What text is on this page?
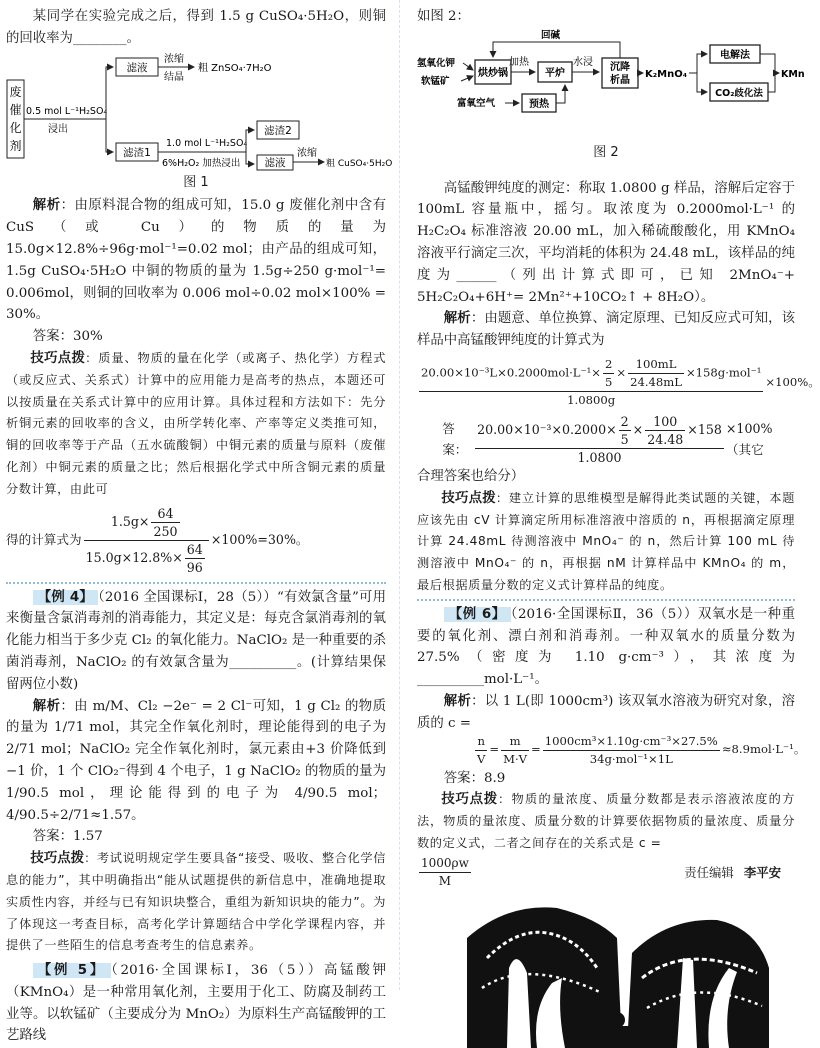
某同学在实验完成之后，得到 1.5 g CuSO₄·5H₂O，则铜的回收率为________。

废
催
化
剂
0.5 mol L⁻¹H₂SO₄
浸出
滤液
浓缩
结晶
粗 ZnSO₄·7H₂O
滤渣1
1.0 mol L⁻¹H₂SO₄
6%H₂O₂ 加热浸出
滤渣2
滤液
浓缩
粗 CuSO₄·5H₂O
图 1

解析：由原料混合物的组成可知，15.0 g 废催化剂中含有 CuS（或 Cu）的物质的量为 15.0g×12.8%÷96g·mol⁻¹=0.02 mol；由产品的组成可知，1.5g CuSO₄·5H₂O 中铜的物质的量为 1.5g÷250 g·mol⁻¹= 0.006mol，则铜的回收率为 0.006 mol÷0.02 mol×100% = 30%。

答案：30%

技巧点拨：质量、物质的量在化学（或离子、热化学）方程式（或反应式、关系式）计算中的应用能力是高考的热点，本题还可以按质量在关系式计算中的应用计算。具体过程和方法如下：先分析铜元素的回收率的含义，由所学转化率、产率等定义类推可知，铜的回收率等于产品（五水硫酸铜）中铜元素的质量与原料（废催化剂）中铜元素的质量之比；然后根据化学式中所含铜元素的质量分数计算，由此可

得的计算式为 $\frac{1.5g\times \frac{64}{250}}{15.0g\times 12.8\%\times \frac{64}{96}} \times 100\%=30\%$。

【例 4】 （2016 全国课标Ⅰ，28（5））“有效氯含量”可用来衡量含氯消毒剂的消毒能力，其定义是：每克含氯消毒剂的氧化能力相当于多少克 Cl₂ 的氧化能力。NaClO₂ 是一种重要的杀菌消毒剂，NaClO₂ 的有效氯含量为__________。(计算结果保留两位小数)

解析：由 m/M、Cl₂ −2e⁻ = 2 Cl⁻可知，1 g Cl₂ 的物质的量为 1/71 mol，其完全作氧化剂时，理论能得到的电子为 2/71 mol；NaClO₂ 完全作氧化剂时，氯元素由+3 价降低到−1 价，1 个 ClO₂⁻得到 4 个电子，1 g NaClO₂ 的物质的量为 1/90.5 mol，理论能得到的电子为 4/90.5 mol；4/90.5÷2/71≈1.57。

答案：1.57

技巧点拨：考试说明规定学生要具备“接受、吸收、整合化学信息的能力”，其中明确指出“能从试题提供的新信息中，准确地提取实质性内容，并经与已有知识块整合，重组为新知识块的能力”。为了体现这一考查目标，高考化学计算题结合中学化学课程内容，并提供了一些陌生的信息考查考生的信息素养。

【例 5】 （2016·全国课标Ⅰ，36（5））高锰酸钾（KMnO₄）是一种常用氧化剂，主要用于化工、防腐及制药工业等。以软锰矿（主要成分为 MnO₂）为原料生产高锰酸钾的工艺路线

如图 2：
氢氧化钾
软锰矿
烘炒锅
加热
平炉
富氧空气	预热
水浸 沉降
析晶
回碱
K₂MnO₄
电解法
CO₂歧化法
KMn
图 2

高锰酸钾纯度的测定：称取 1.0800 g 样品，溶解后定容于 100mL 容量瓶中，摇匀。取浓度为 0.2000mol·L⁻¹ 的 H₂C₂O₄ 标准溶液 20.00 mL，加入稀硫酸酸化，用 KMnO₄ 溶液平行滴定三次，平均消耗的体积为 24.48 mL，该样品的纯度为______（列出计算式即可，已知 2MnO₄⁻+ 5H₂C₂O₄+6H⁺= 2Mn²⁺+10CO₂↑ + 8H₂O）。

解析：由题意、单位换算、滴定原理、已知反应式可知，该样品中高锰酸钾纯度的计算式为

$20.00\times 10^{-3}L\times 0.2000mol\cdot L^{-1}\times \frac{2}{5} \times \frac{100mL}{24.48mL} \times 158g\cdot mol^{-1}$
1.0800g
×100%。
答案： $\frac{20.00\times 10^{-3}\times 0.2000\times \frac{2}{5} \times \frac{100}{24.48} \times 158}{1.0800} \times 100\%$（其它
合理答案也给分）

技巧点拨：建立计算的思维模型是解得此类试题的关键，本题应该先由 cV 计算滴定所用标准溶液中溶质的 n，再根据滴定原理计算 24.48mL 待测溶液中 MnO₄⁻ 的 n，然后计算 100 mL 待测溶液中 MnO₄⁻ 的 n，再根据 nM 计算样品中 KMnO₄ 的 m，最后根据质量分数的定义式计算样品的纯度。

【例 6】 （2016·全国课标Ⅱ，36（5））双氧水是一种重要的氧化剂、漂白剂和消毒剂。一种双氧水的质量分数为 27.5%（密度为 1.10 g·cm⁻³），其浓度为__________mol·L⁻¹。

解析：以 1 L(即 1000cm³) 该双氧水溶液为研究对象，溶质的 c =

n
V
=
m
M·V
=
1000cm³×1.10g·cm⁻³×27.5%
34g·mol⁻¹×1L
≈8.9mol·L⁻¹。
答案：8.9

技巧点拨：物质的量浓度、质量分数都是表示溶液浓度的方法，物质的量浓度、质量分数的计算要依据物质的量浓度、质量分数的定义式，二者之间存在的关系式是 c =

1000ρw
M
责任编辑 李平安
